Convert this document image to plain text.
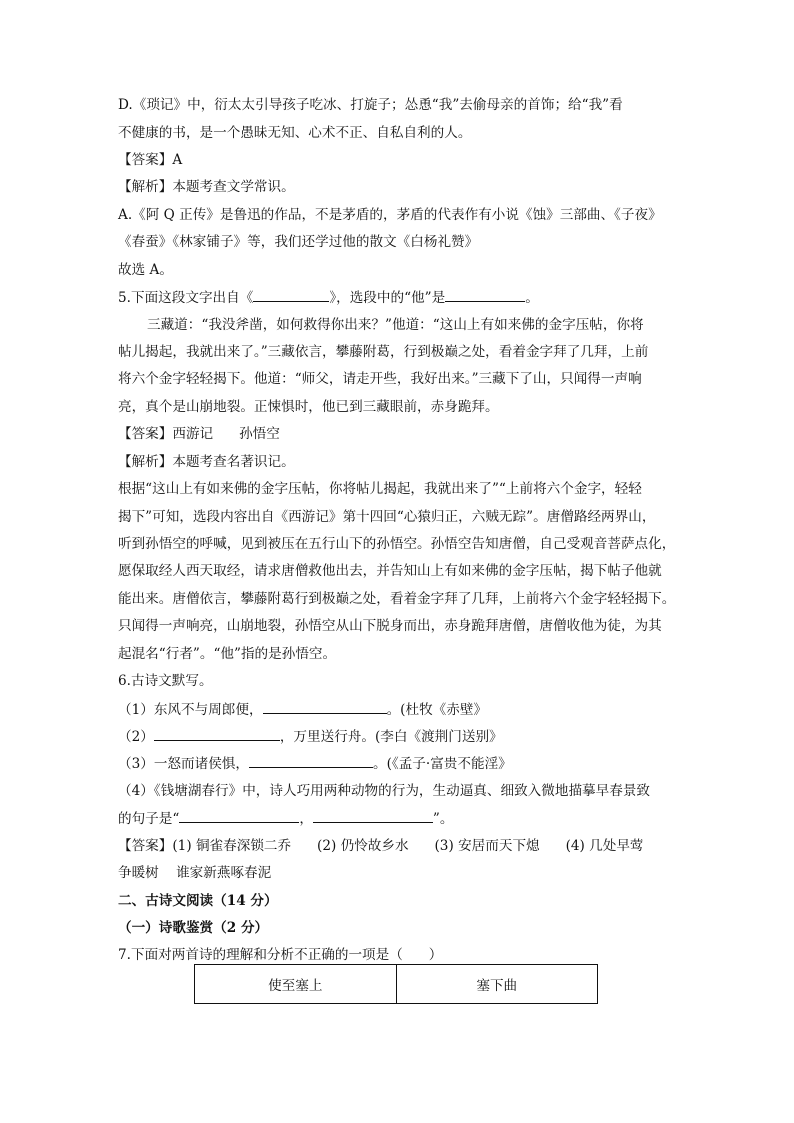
D.《琐记》中，衍太太引导孩子吃冰、打旋子；怂恿“我”去偷母亲的首饰；给“我”看
不健康的书，是一个愚昧无知、心术不正、自私自利的人。
【答案】A
【解析】本题考查文学常识。
A.《阿 Q 正传》是鲁迅的作品，不是茅盾的，茅盾的代表作有小说《蚀》三部曲、《子夜》
《春蚕》《林家铺子》等，我们还学过他的散文《白杨礼赞》
故选 A。
5.下面这段文字出自《	》，选段中的“他”是	。
三藏道：“我没斧凿，如何救得你出来？”他道：“这山上有如来佛的金字压帖，你将
帖儿揭起，我就出来了。”三藏依言，攀藤附葛，行到极巅之处，看着金字拜了几拜，上前
将六个金字轻轻揭下。他道：“师父，请走开些，我好出来。”三藏下了山，只闻得一声响
亮，真个是山崩地裂。正悚惧时，他已到三藏眼前，赤身跪拜。
【答案】西游记      孙悟空
【解析】本题考查名著识记。
根据“这山上有如来佛的金字压帖，你将帖儿揭起，我就出来了”“上前将六个金字，轻轻
揭下”可知，选段内容出自《西游记》第十四回“心猿归正，六贼无踪”。唐僧路经两界山，
听到孙悟空的呼喊，见到被压在五行山下的孙悟空。孙悟空告知唐僧，自己受观音菩萨点化，
愿保取经人西天取经，请求唐僧救他出去，并告知山上有如来佛的金字压帖，揭下帖子他就
能出来。唐僧依言，攀藤附葛行到极巅之处，看着金字拜了几拜，上前将六个金字轻轻揭下。
只闻得一声响亮，山崩地裂，孙悟空从山下脱身而出，赤身跪拜唐僧，唐僧收他为徒，为其
起混名“行者”。“他”指的是孙悟空。
6.古诗文默写。
（1）东风不与周郎便，	。(杜牧《赤壁》
（2）	，万里送行舟。(李白《渡荆门送别》
（3）一怒而诸侯惧，	。(《孟子·富贵不能淫》
（4）《钱塘湖春行》中，诗人巧用两种动物的行为，生动逼真、细致入微地描摹早春景致
的句子是“	，	”。
【答案】(1) 铜雀春深锁二乔      (2) 仍怜故乡水      (3) 安居而天下熄      (4) 几处早莺
争暖树    谁家新燕啄春泥
二、古诗文阅读（14 分）
（一）诗歌鉴赏（2 分）
7.下面对两首诗的理解和分析不正确的一项是（      ）
使至塞上	塞下曲
